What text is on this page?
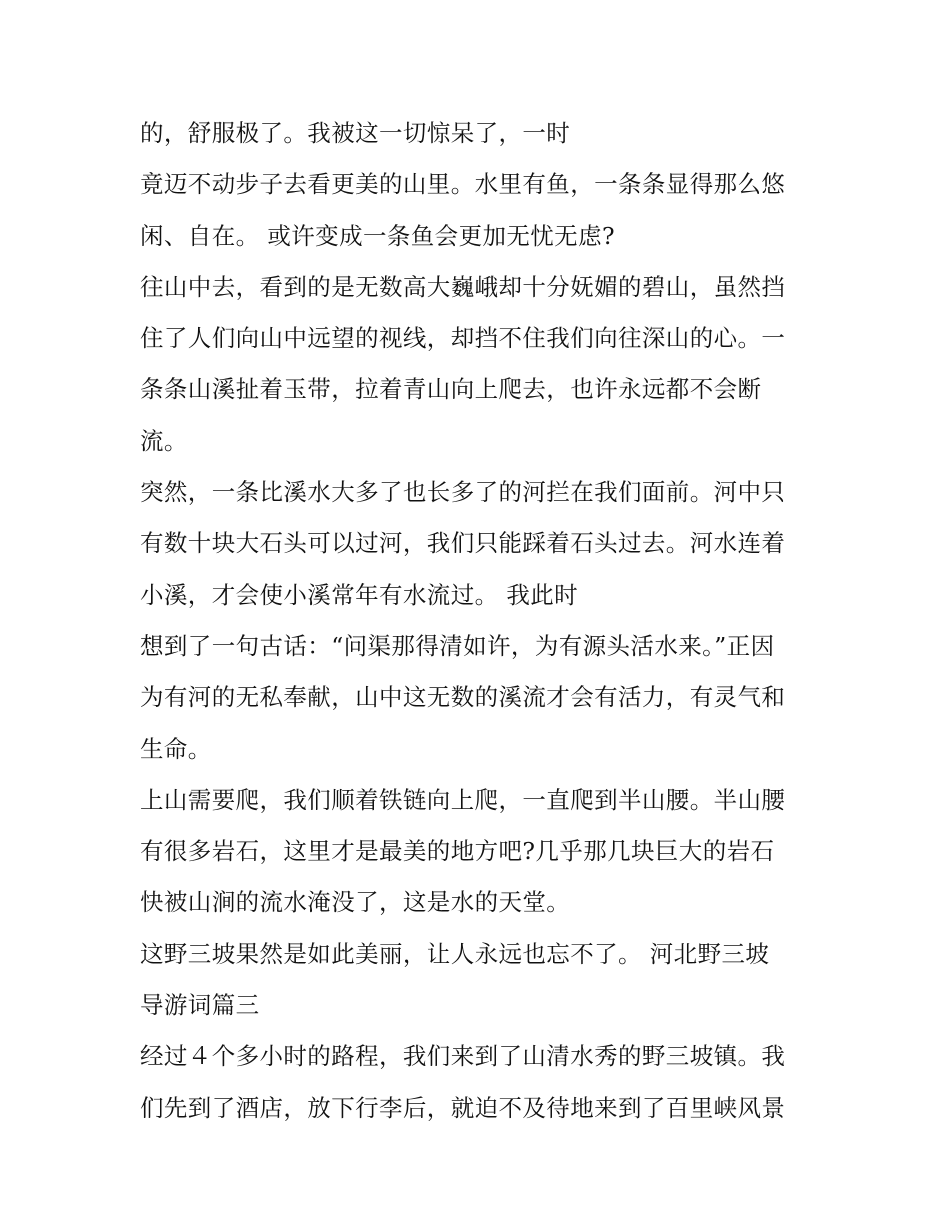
的，舒服极了。我被这一切惊呆了，一时
竟迈不动步子去看更美的山里。水里有鱼，一条条显得那么悠
闲、自在。 或许变成一条鱼会更加无忧无虑?
往山中去，看到的是无数高大巍峨却十分妩媚的碧山，虽然挡
住了人们向山中远望的视线，却挡不住我们向往深山的心。一
条条山溪扯着玉带，拉着青山向上爬去，也许永远都不会断
流。
突然，一条比溪水大多了也长多了的河拦在我们面前。河中只
有数十块大石头可以过河，我们只能踩着石头过去。河水连着
小溪，才会使小溪常年有水流过。 我此时
想到了一句古话：“问渠那得清如许，为有源头活水来。”正因
为有河的无私奉献，山中这无数的溪流才会有活力，有灵气和
生命。
上山需要爬，我们顺着铁链向上爬，一直爬到半山腰。半山腰
有很多岩石，这里才是最美的地方吧?几乎那几块巨大的岩石
快被山涧的流水淹没了，这是水的天堂。
这野三坡果然是如此美丽，让人永远也忘不了。 河北野三坡
导游词篇三
经过４个多小时的路程，我们来到了山清水秀的野三坡镇。我
们先到了酒店，放下行李后，就迫不及待地来到了百里峡风景
